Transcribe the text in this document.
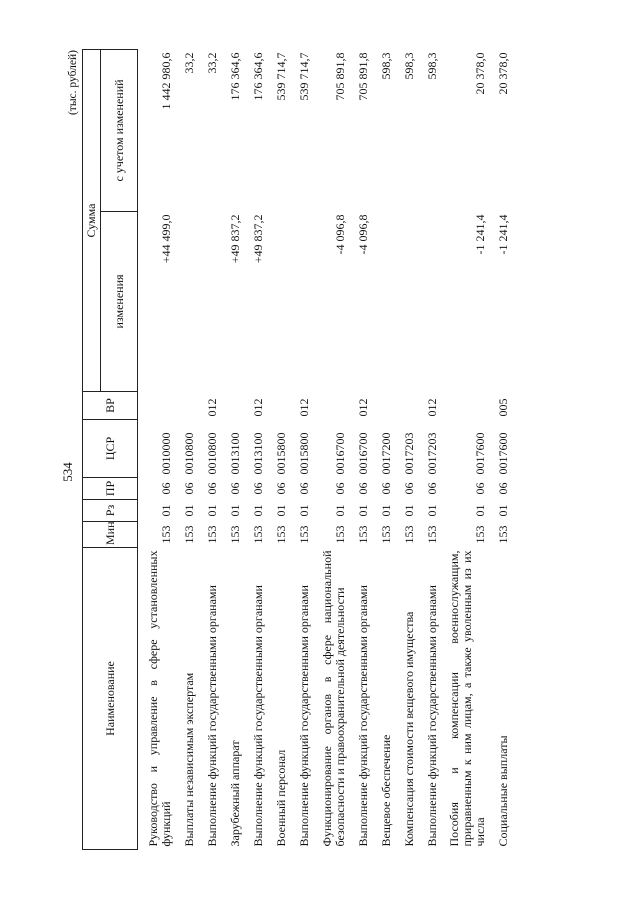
534
(тыс. рублей)
Наименование	Мин	Рз	ПР	ЦСР	ВР	Сумма	
						изменения	с учетом изменений
Руководство и управление в сфере установленных функций	153	01	06	0010000		+44 499,0	1 442 980,6
Выплаты независимым экспертам	153	01	06	0010800			33,2
Выполнение функций государственными органами	153	01	06	0010800	012		33,2
Зарубежный аппарат	153	01	06	0013100		+49 837,2	176 364,6
Выполнение функций государственными органами	153	01	06	0013100	012	+49 837,2	176 364,6
Военный персонал	153	01	06	0015800			539 714,7
Выполнение функций государственными органами	153	01	06	0015800	012		539 714,7
Функционирование органов в сфере национальной безопасности и правоохранительной деятельности	153	01	06	0016700		-4 096,8	705 891,8
Выполнение функций государственными органами	153	01	06	0016700	012	-4 096,8	705 891,8
Вещевое обеспечение	153	01	06	0017200			598,3
Компенсация стоимости вещевого имущества	153	01	06	0017203			598,3
Выполнение функций государственными органами	153	01	06	0017203	012		598,3
Пособия и компенсации военнослужащим, приравненным к ним лицам, а также уволенным из их числа	153	01	06	0017600		-1 241,4	20 378,0
Социальные выплаты	153	01	06	0017600	005	-1 241,4	20 378,0
